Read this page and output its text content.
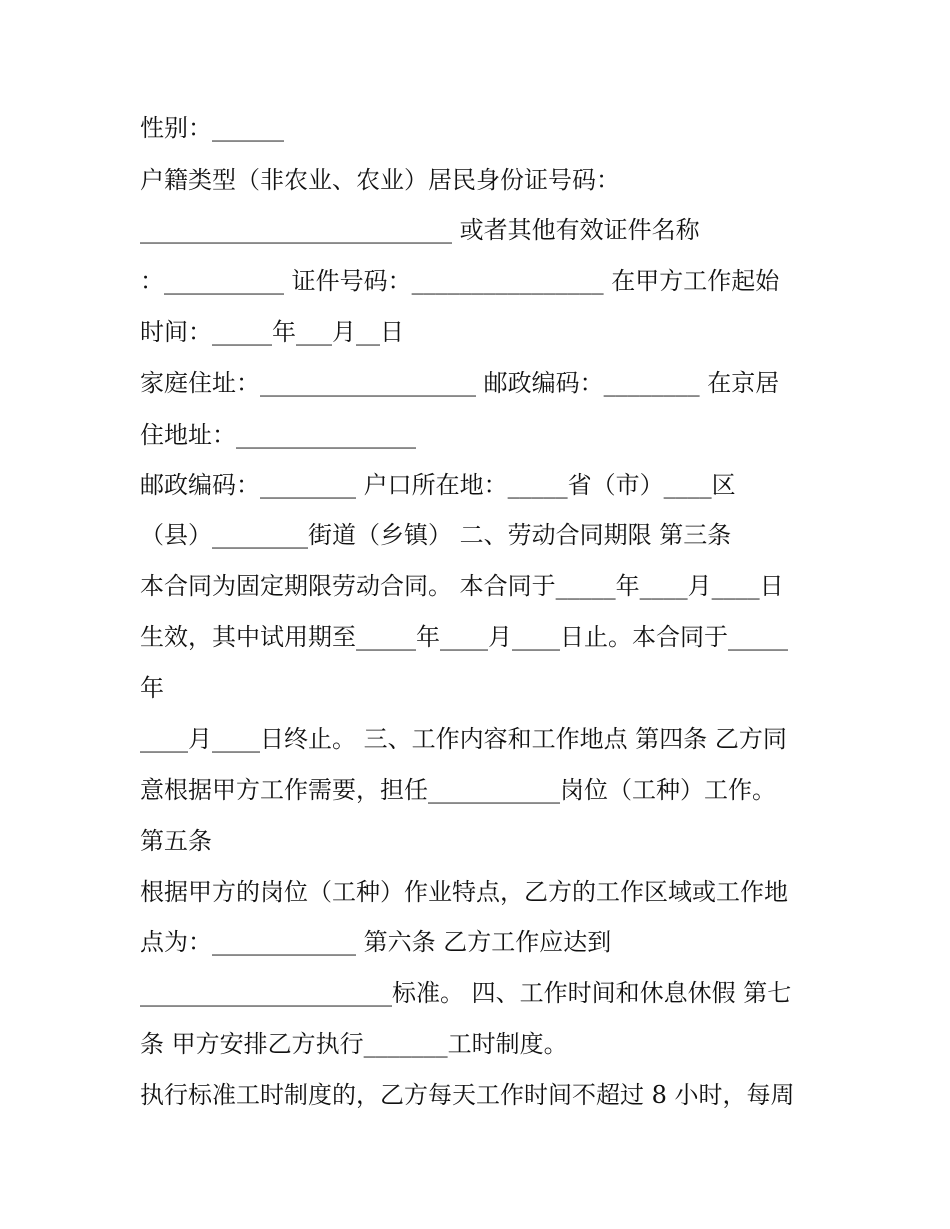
性别：______
户籍类型（非农业、农业）居民身份证号码：
__________________________ 或者其他有效证件名称
：__________ 证件号码：________________ 在甲方工作起始
时间：_____年___月__日
家庭住址：__________________ 邮政编码：________ 在京居
住地址：_______________
邮政编码：________ 户口所在地：_____省（市）____区
（县）________街道（乡镇） 二、劳动合同期限 第三条
本合同为固定期限劳动合同。 本合同于_____年____月____日
生效，其中试用期至_____年____月____日止。本合同于_____
年
____月____日终止。 三、工作内容和工作地点 第四条 乙方同
意根据甲方工作需要，担任___________岗位（工种）工作。
第五条
根据甲方的岗位（工种）作业特点，乙方的工作区域或工作地
点为：____________ 第六条 乙方工作应达到
_____________________标准。 四、工作时间和休息休假 第七
条 甲方安排乙方执行_______工时制度。
执行标准工时制度的，乙方每天工作时间不超过 8 小时，每周
